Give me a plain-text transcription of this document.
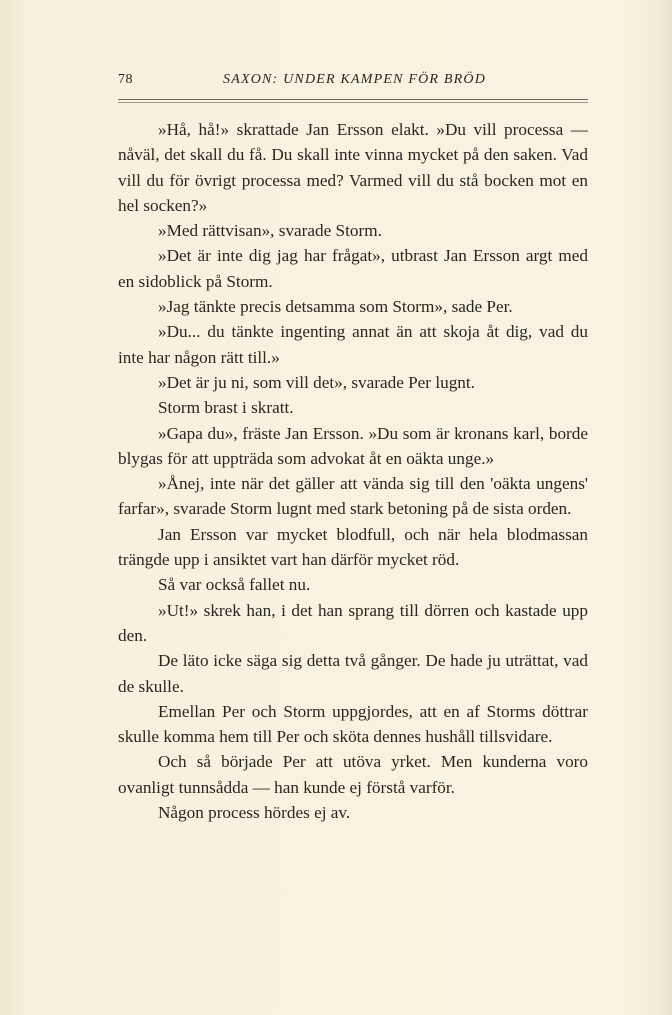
78	SAXON: UNDER KAMPEN FÖR BRÖD

»Hå, hå!» skrattade Jan Ersson elakt. »Du vill processa — nåväl, det skall du få. Du skall inte vinna mycket på den saken. Vad vill du för övrigt processa med? Varmed vill du stå bocken mot en hel socken?»

»Med rättvisan», svarade Storm.

»Det är inte dig jag har frågat», utbrast Jan Ersson argt med en sidoblick på Storm.

»Jag tänkte precis detsamma som Storm», sade Per.

»Du... du tänkte ingenting annat än att skoja åt dig, vad du inte har någon rätt till.»

»Det är ju ni, som vill det», svarade Per lugnt.

Storm brast i skratt.

»Gapa du», fräste Jan Ersson. »Du som är kronans karl, borde blygas för att uppträda som advokat åt en oäkta unge.»

»Ånej, inte när det gäller att vända sig till den 'oäkta ungens' farfar», svarade Storm lugnt med stark betoning på de sista orden.

Jan Ersson var mycket blodfull, och när hela blodmassan trängde upp i ansiktet vart han därför mycket röd.

Så var också fallet nu.

»Ut!» skrek han, i det han sprang till dörren och kastade upp den.

De läto icke säga sig detta två gånger. De hade ju uträttat, vad de skulle.

Emellan Per och Storm uppgjordes, att en af Storms döttrar skulle komma hem till Per och sköta dennes hushåll tillsvidare.

Och så började Per att utöva yrket. Men kunderna voro ovanligt tunnsådda — han kunde ej förstå varför.

Någon process hördes ej av.
